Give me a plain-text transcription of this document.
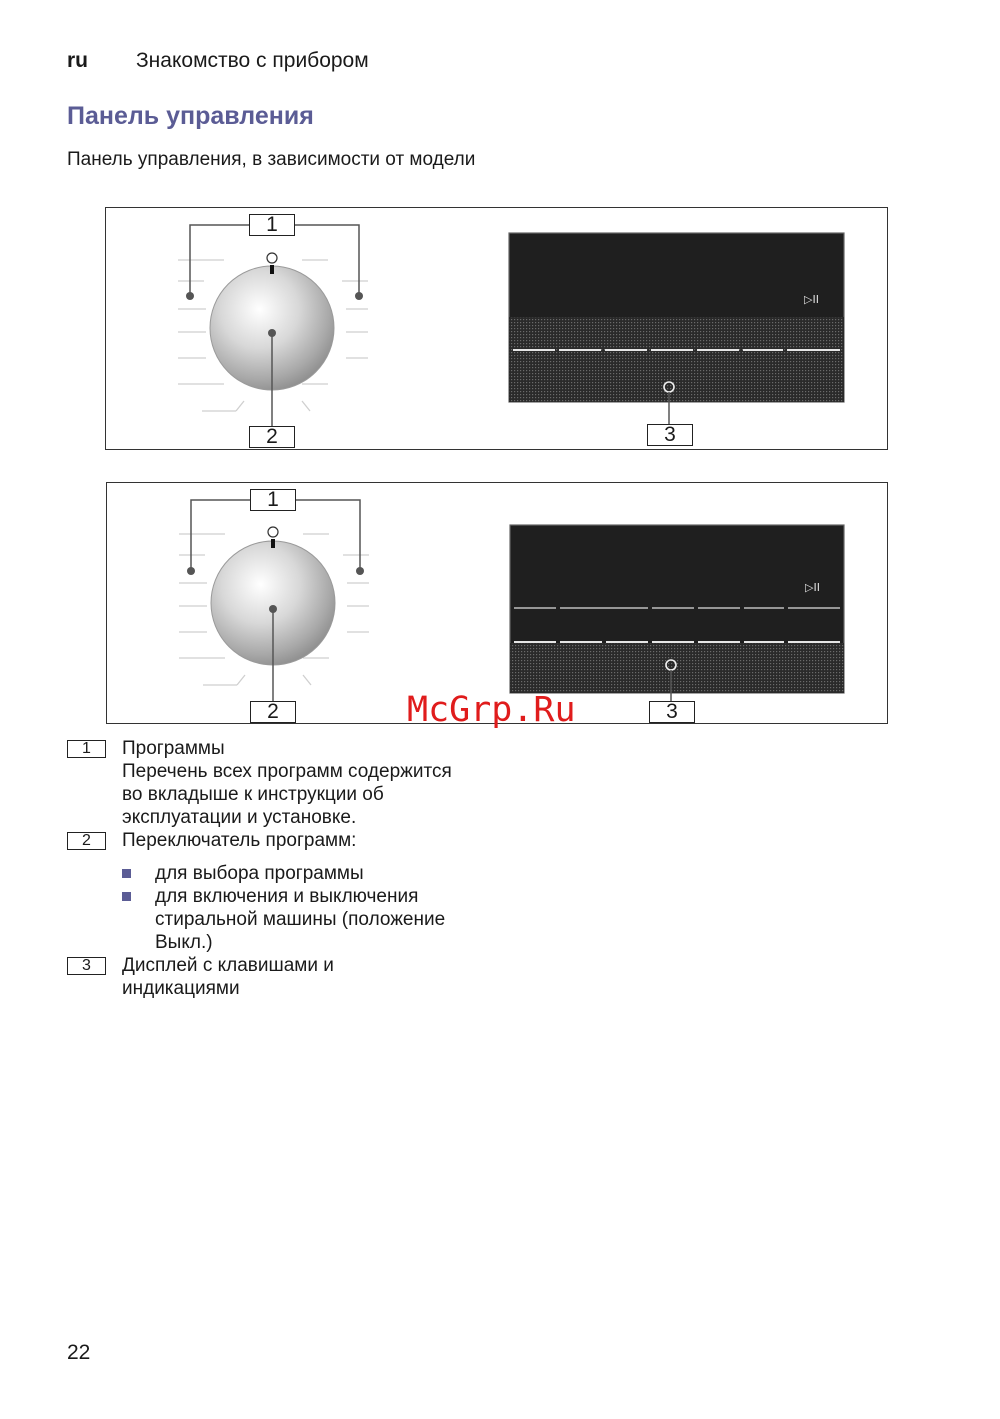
ru Знакомство с прибором
Панель управления
Панель управления, в зависимости от модели
▷II
1
2	3
▷II
1
2	3
McGrp.Ru
1	Программы
Перечень всех программ содержится во вкладыше к инструкции об эксплуатации и установке.
2	Переключатель программ:
для выбора программы
для включения и выключения стиральной машины (положение Выкл.)
3	Дисплей с клавишами и индикациями
22
